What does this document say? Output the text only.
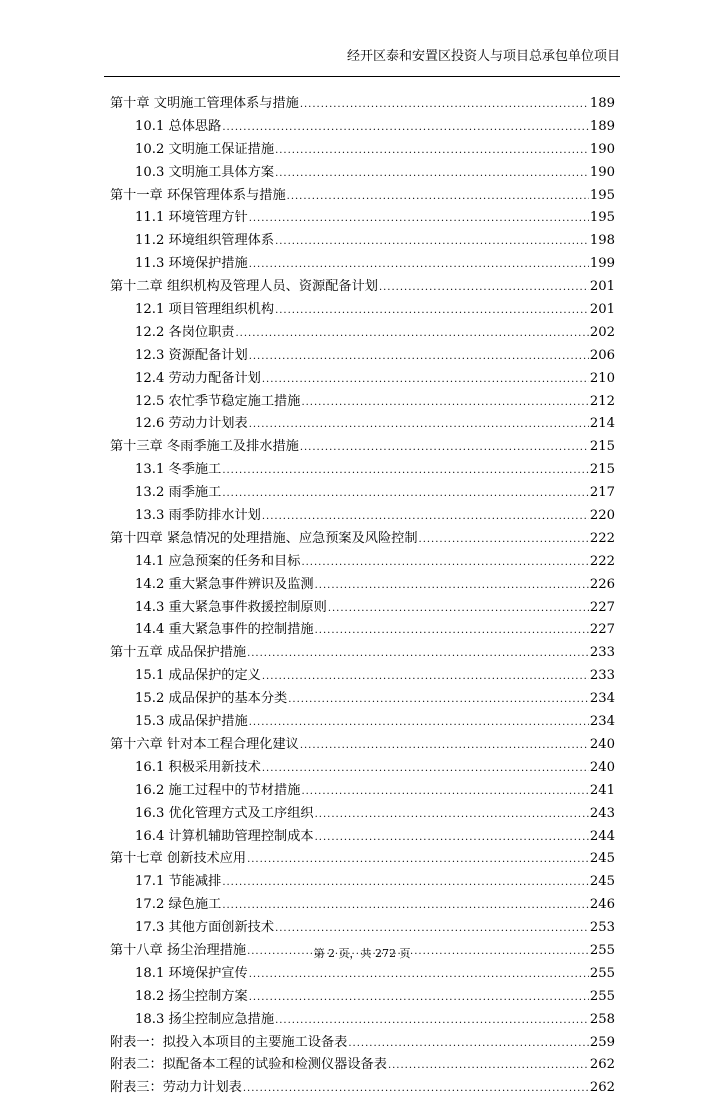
经开区泰和安置区投资人与项目总承包单位项目
第十章 文明施工管理体系与措施 .....	189
10.1 总体思路 .....	189
10.2 文明施工保证措施 .....	190
10.3 文明施工具体方案 .....	190
第十一章 环保管理体系与措施 .....	195
11.1 环境管理方针 .....	195
11.2 环境组织管理体系 .....	198
11.3 环境保护措施 .....	199
第十二章 组织机构及管理人员、资源配备计划 .....	201
12.1 项目管理组织机构 .....	201
12.2 各岗位职责 .....	202
12.3 资源配备计划 .....	206
12.4 劳动力配备计划 .....	210
12.5 农忙季节稳定施工措施 .....	212
12.6 劳动力计划表 .....	214
第十三章 冬雨季施工及排水措施 .....	215
13.1 冬季施工 .....	215
13.2 雨季施工 .....	217
13.3 雨季防排水计划 .....	220
第十四章 紧急情况的处理措施、应急预案及风险控制 .....	222
14.1 应急预案的任务和目标 .....	222
14.2 重大紧急事件辨识及监测 .....	226
14.3 重大紧急事件救援控制原则 .....	227
14.4 重大紧急事件的控制措施 .....	227
第十五章 成品保护措施 .....	233
15.1 成品保护的定义 .....	233
15.2 成品保护的基本分类 .....	234
15.3 成品保护措施 .....	234
第十六章 针对本工程合理化建议 .....	240
16.1 积极采用新技术 .....	240
16.2 施工过程中的节材措施 .....	241
16.3 优化管理方式及工序组织 .....	243
16.4 计算机辅助管理控制成本 .....	244
第十七章 创新技术应用 .....	245
17.1 节能减排 .....	245
17.2 绿色施工 .....	246
17.3 其他方面创新技术 .....	253
第十八章 扬尘治理措施 .....	255
18.1 环境保护宣传 .....	255
18.2 扬尘控制方案 .....	255
18.3 扬尘控制应急措施 .....	258
附表一：拟投入本项目的主要施工设备表 .....	259
附表二：拟配备本工程的试验和检测仪器设备表 .....	262
附表三：劳动力计划表 .....	262
第 2 页，共 272 页
